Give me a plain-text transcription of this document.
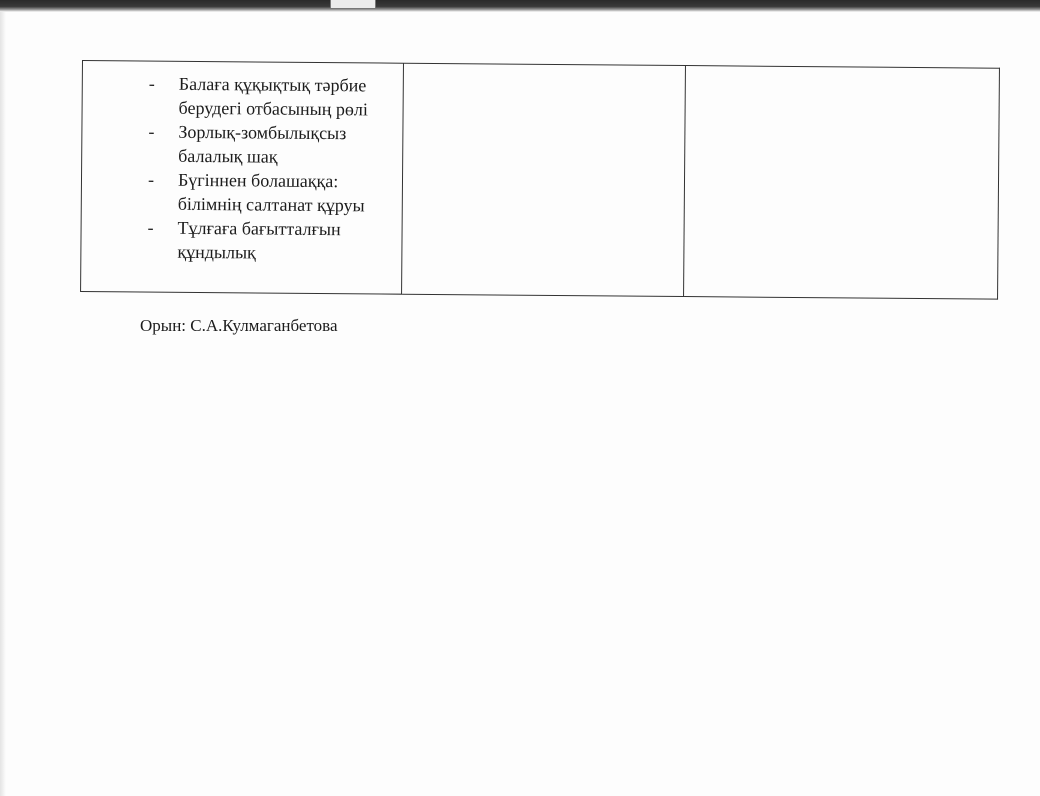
- Балаға құқықтық тәрбие берудегі отбасының рөлі
- Зорлық-зомбылықсыз балалық шақ
- Бүгіннен болашаққа: білімнің салтанат құруы
- Тұлғаға бағытталғын құндылық
Орын: С.А.Кулмаганбетова
